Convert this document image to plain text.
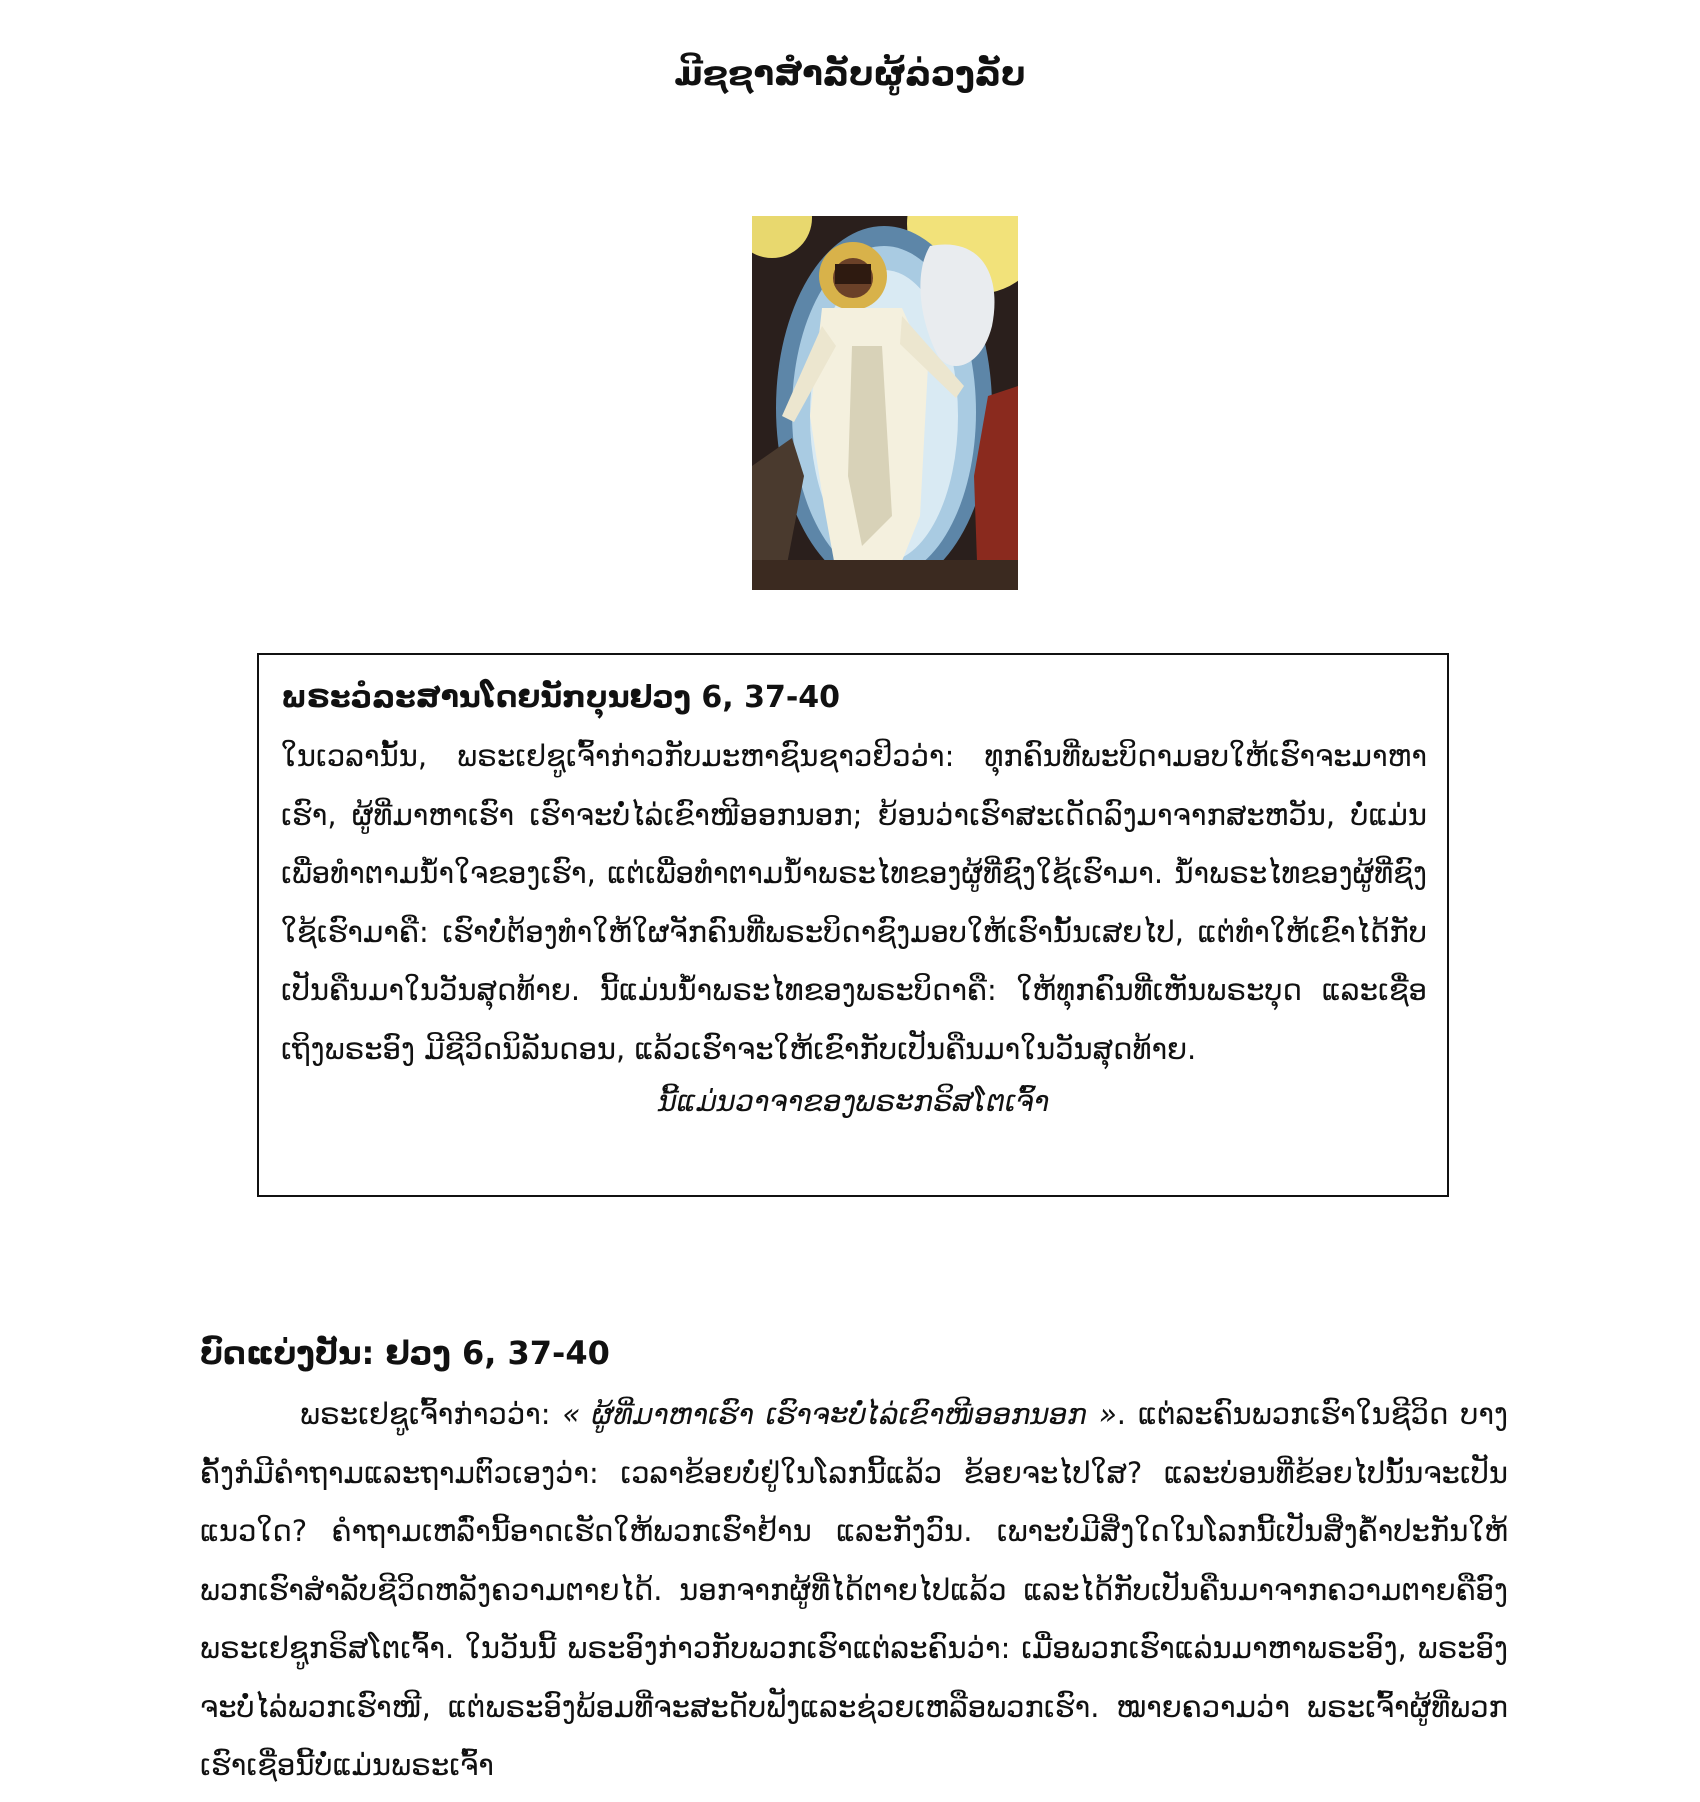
ມີຊຊາສຳລັບຜູ້ລ່ວງລັບ
ພຣະວໍລະສານໂດຍນັກບຸນຢວງ 6, 37-40
ໃນເວລານັ້ນ, ພຣະເຢຊູເຈົ້າກ່າວກັບມະຫາຊົນຊາວຢິວວ່າ: ທຸກຄົນທີ່ພະບິດາມອບໃຫ້ເຮົາຈະມາຫາເຮົາ, ຜູ້ທີ່ມາຫາເຮົາ ເຮົາຈະບໍ່ໄລ່ເຂົາໜີອອກນອກ; ຍ້ອນວ່າເຮົາສະເດັດລົງມາຈາກສະຫວັນ, ບໍ່ແມ່ນເພື່ອທຳຕາມນ້ຳໃຈຂອງເຮົາ, ແຕ່ເພື່ອທຳຕາມນ້ຳພຣະໄທຂອງຜູ້ທີ່ຊົງໃຊ້ເຮົາມາ. ນ້ຳພຣະໄທຂອງຜູ້ທີ່ຊົງໃຊ້ເຮົາມາຄື: ເຮົາບໍ່ຕ້ອງທຳໃຫ້ໃຜຈັກຄົນທີ່ພຣະບິດາຊົງມອບໃຫ້ເຮົານັ້ນເສຍໄປ, ແຕ່ທຳໃຫ້ເຂົາໄດ້ກັບເປັນຄືນມາໃນວັນສຸດທ້າຍ. ນີ້ແມ່ນນ້ຳພຣະໄທຂອງພຣະບິດາຄື: ໃຫ້ທຸກຄົນທີ່ເຫັນພຣະບຸດ ແລະເຊື່ອເຖິງພຣະອົງ ມີຊີວິດນິລັນດອນ, ແລ້ວເຮົາຈະໃຫ້ເຂົາກັບເປັນຄືນມາໃນວັນສຸດທ້າຍ.
ນີ້ແມ່ນວາຈາຂອງພຣະກຣິສໂຕເຈົ້າ
ບົດແບ່ງປັນ: ຢວງ 6, 37-40
ພຣະເຢຊູເຈົ້າກ່າວວ່າ: « ຜູ້ທີ່ມາຫາເຮົາ ເຮົາຈະບໍ່ໄລ່ເຂົາໜີອອກນອກ ». ແຕ່ລະຄົນພວກເຮົາໃນຊີວິດ ບາງຄັ້ງກໍມີຄຳຖາມແລະຖາມຕົວເອງວ່າ: ເວລາຂ້ອຍບໍ່ຢູ່ໃນໂລກນີ້ແລ້ວ ຂ້ອຍຈະໄປໃສ? ແລະບ່ອນທີ່ຂ້ອຍໄປນັ້ນຈະເປັນແນວໃດ? ຄຳຖາມເຫລົ່ານີ້ອາດເຮັດໃຫ້ພວກເຮົາຢ້ານ ແລະກັງວົນ. ເພາະບໍ່ມີສິ່ງໃດໃນໂລກນີ້ເປັນສິ່ງຄ້ຳປະກັນໃຫ້ພວກເຮົາສຳລັບຊີວິດຫລັງຄວາມຕາຍໄດ້. ນອກຈາກຜູ້ທີ່ໄດ້ຕາຍໄປແລ້ວ ແລະໄດ້ກັບເປັນຄືນມາຈາກຄວາມຕາຍຄືອົງພຣະເຢຊູກຣິສໂຕເຈົ້າ. ໃນວັນນີ້ ພຣະອົງກ່າວກັບພວກເຮົາແຕ່ລະຄົນວ່າ: ເມື່ອພວກເຮົາແລ່ນມາຫາພຣະອົງ, ພຣະອົງຈະບໍ່ໄລ່ພວກເຮົາໜີ, ແຕ່ພຣະອົງພ້ອມທີ່ຈະສະດັບຟັງແລະຊ່ວຍເຫລືອພວກເຮົາ. ໝາຍຄວາມວ່າ ພຣະເຈົ້າຜູ້ທີ່ພວກເຮົາເຊື່ອນີ້ບໍ່ແມ່ນພຣະເຈົ້າ
